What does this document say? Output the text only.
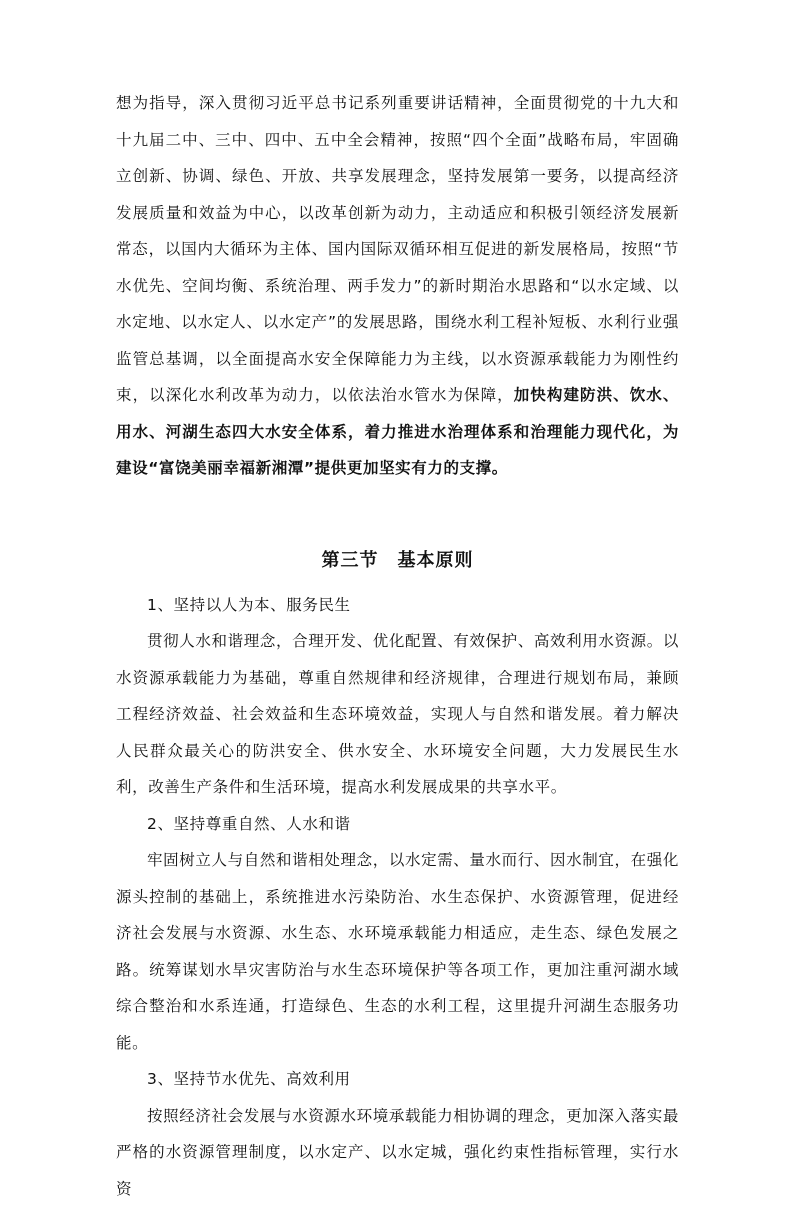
想为指导，深入贯彻习近平总书记系列重要讲话精神，全面贯彻党的十九大和十九届二中、三中、四中、五中全会精神，按照“四个全面”战略布局，牢固确立创新、协调、绿色、开放、共享发展理念，坚持发展第一要务，以提高经济发展质量和效益为中心，以改革创新为动力，主动适应和积极引领经济发展新常态，以国内大循环为主体、国内国际双循环相互促进的新发展格局，按照“节水优先、空间均衡、系统治理、两手发力”的新时期治水思路和“以水定域、以水定地、以水定人、以水定产”的发展思路，围绕水利工程补短板、水利行业强监管总基调，以全面提高水安全保障能力为主线，以水资源承载能力为刚性约束，以深化水利改革为动力，以依法治水管水为保障，加快构建防洪、饮水、用水、河湖生态四大水安全体系，着力推进水治理体系和治理能力现代化，为建设“富饶美丽幸福新湘潭”提供更加坚实有力的支撑。

第三节　基本原则

1、坚持以人为本、服务民生

贯彻人水和谐理念，合理开发、优化配置、有效保护、高效利用水资源。以水资源承载能力为基础，尊重自然规律和经济规律，合理进行规划布局，兼顾工程经济效益、社会效益和生态环境效益，实现人与自然和谐发展。着力解决人民群众最关心的防洪安全、供水安全、水环境安全问题，大力发展民生水利，改善生产条件和生活环境，提高水利发展成果的共享水平。

2、坚持尊重自然、人水和谐

牢固树立人与自然和谐相处理念，以水定需、量水而行、因水制宜，在强化源头控制的基础上，系统推进水污染防治、水生态保护、水资源管理，促进经济社会发展与水资源、水生态、水环境承载能力相适应，走生态、绿色发展之路。统筹谋划水旱灾害防治与水生态环境保护等各项工作，更加注重河湖水域综合整治和水系连通，打造绿色、生态的水利工程，这里提升河湖生态服务功能。

3、坚持节水优先、高效利用

按照经济社会发展与水资源水环境承载能力相协调的理念，更加深入落实最严格的水资源管理制度，以水定产、以水定城，强化约束性指标管理，实行水资
